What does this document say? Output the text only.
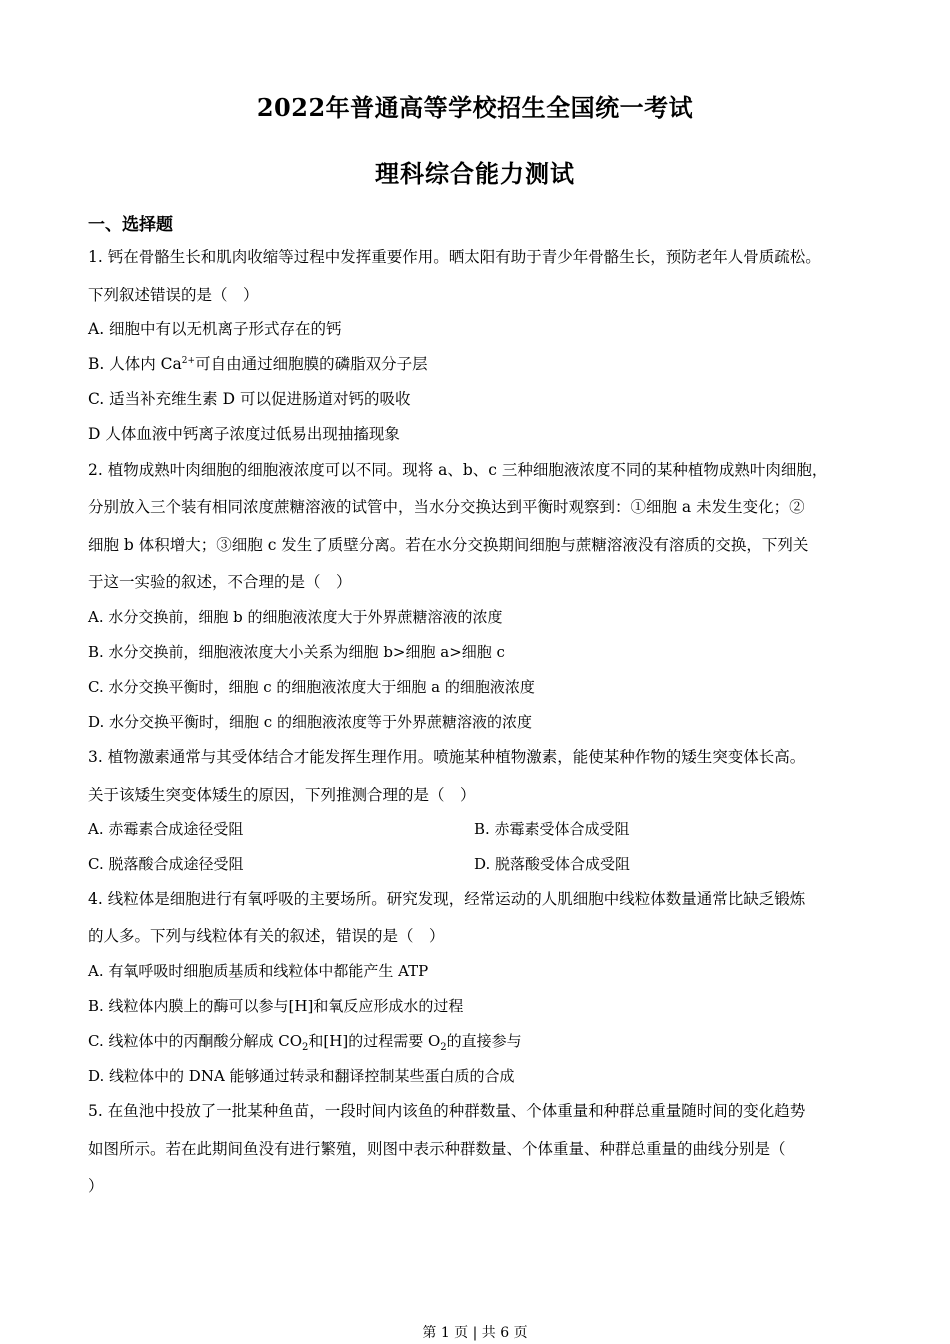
2022年普通高等学校招生全国统一考试
理科综合能力测试
一、选择题
1. 钙在骨骼生长和肌肉收缩等过程中发挥重要作用。晒太阳有助于青少年骨骼生长，预防老年人骨质疏松。
下列叙述错误的是（　）
A. 细胞中有以无机离子形式存在的钙
B. 人体内 $Ca^{2+}$可自由通过细胞膜的磷脂双分子层
C. 适当补充维生素 D 可以促进肠道对钙的吸收
D 人体血液中钙离子浓度过低易出现抽搐现象
2. 植物成熟叶肉细胞的细胞液浓度可以不同。现将 a、b、c 三种细胞液浓度不同的某种植物成熟叶肉细胞，
分别放入三个装有相同浓度蔗糖溶液的试管中，当水分交换达到平衡时观察到：①细胞 a 未发生变化；②
细胞 b 体积增大；③细胞 c 发生了质壁分离。若在水分交换期间细胞与蔗糖溶液没有溶质的交换，下列关
于这一实验的叙述，不合理的是（　）
A. 水分交换前，细胞 b 的细胞液浓度大于外界蔗糖溶液的浓度
B. 水分交换前，细胞液浓度大小关系为细胞 b>细胞 a>细胞 c
C. 水分交换平衡时，细胞 c 的细胞液浓度大于细胞 a 的细胞液浓度
D. 水分交换平衡时，细胞 c 的细胞液浓度等于外界蔗糖溶液的浓度
3. 植物激素通常与其受体结合才能发挥生理作用。喷施某种植物激素，能使某种作物的矮生突变体长高。
关于该矮生突变体矮生的原因，下列推测合理的是（　）
A. 赤霉素合成途径受阻	B. 赤霉素受体合成受阻
C. 脱落酸合成途径受阻	D. 脱落酸受体合成受阻
4. 线粒体是细胞进行有氧呼吸的主要场所。研究发现，经常运动的人肌细胞中线粒体数量通常比缺乏锻炼
的人多。下列与线粒体有关的叙述，错误的是（　）
A. 有氧呼吸时细胞质基质和线粒体中都能产生 ATP
B. 线粒体内膜上的酶可以参与[H]和氧反应形成水的过程
C. 线粒体中的丙酮酸分解成 $CO_2$和[H]的过程需要 $O_2$的直接参与
D. 线粒体中的 DNA 能够通过转录和翻译控制某些蛋白质的合成
5. 在鱼池中投放了一批某种鱼苗，一段时间内该鱼的种群数量、个体重量和种群总重量随时间的变化趋势
如图所示。若在此期间鱼没有进行繁殖，则图中表示种群数量、个体重量、种群总重量的曲线分别是（
）
第 1 页 | 共 6 页
